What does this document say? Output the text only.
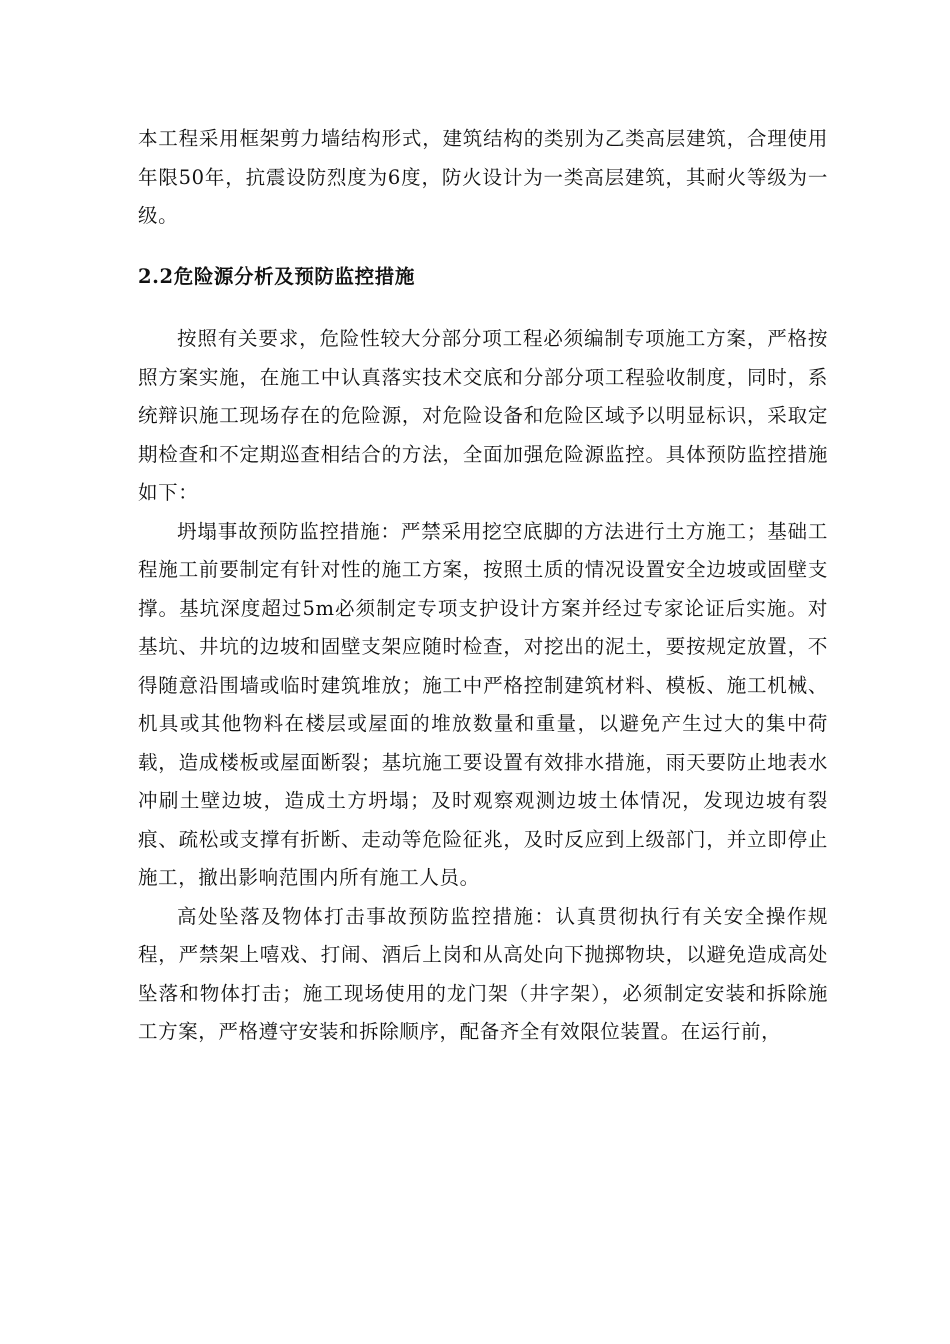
本工程采用框架剪力墙结构形式，建筑结构的类别为乙类高层建筑，合理使用年限50年，抗震设防烈度为6度，防火设计为一类高层建筑，其耐火等级为一级。

2.2危险源分析及预防监控措施

按照有关要求，危险性较大分部分项工程必须编制专项施工方案，严格按照方案实施，在施工中认真落实技术交底和分部分项工程验收制度，同时，系统辩识施工现场存在的危险源，对危险设备和危险区域予以明显标识，采取定期检查和不定期巡查相结合的方法，全面加强危险源监控。具体预防监控措施如下：

坍塌事故预防监控措施：严禁采用挖空底脚的方法进行土方施工；基础工程施工前要制定有针对性的施工方案，按照土质的情况设置安全边坡或固壁支撑。基坑深度超过5m必须制定专项支护设计方案并经过专家论证后实施。对基坑、井坑的边坡和固壁支架应随时检查，对挖出的泥土，要按规定放置，不得随意沿围墙或临时建筑堆放；施工中严格控制建筑材料、模板、施工机械、机具或其他物料在楼层或屋面的堆放数量和重量，以避免产生过大的集中荷载，造成楼板或屋面断裂；基坑施工要设置有效排水措施，雨天要防止地表水冲刷土壁边坡，造成土方坍塌；及时观察观测边坡土体情况，发现边坡有裂痕、疏松或支撑有折断、走动等危险征兆，及时反应到上级部门，并立即停止施工，撤出影响范围内所有施工人员。

高处坠落及物体打击事故预防监控措施：认真贯彻执行有关安全操作规程，严禁架上嘻戏、打闹、酒后上岗和从高处向下抛掷物块，以避免造成高处坠落和物体打击；施工现场使用的龙门架（井字架），必须制定安装和拆除施工方案，严格遵守安装和拆除顺序，配备齐全有效限位装置。在运行前，
